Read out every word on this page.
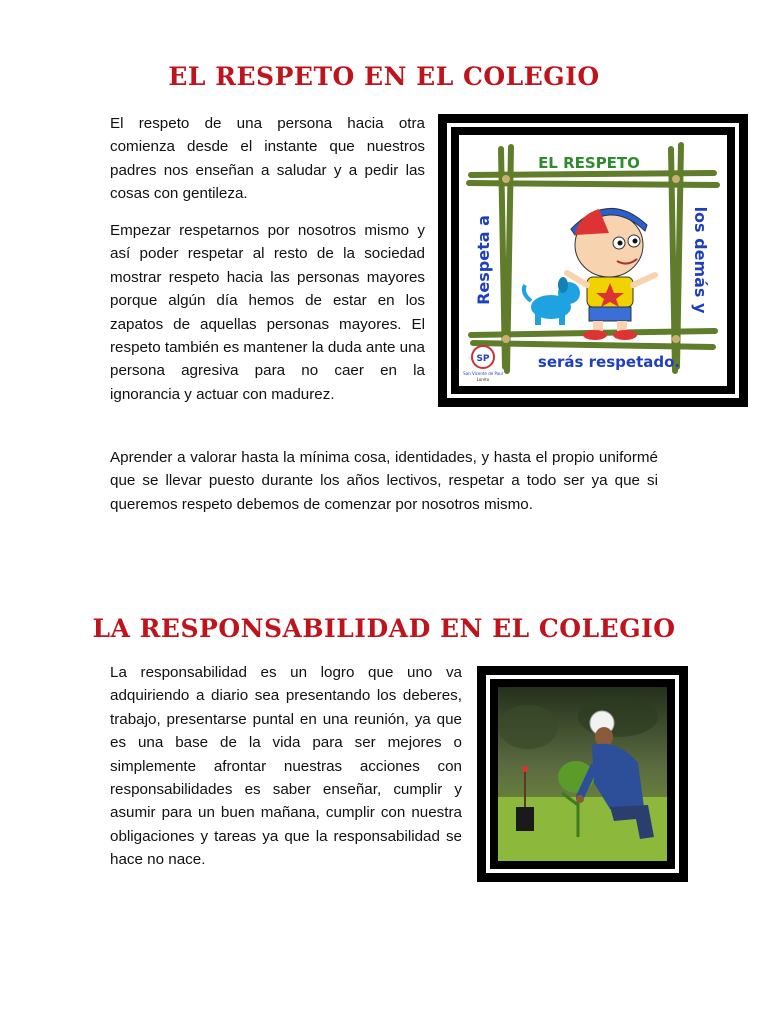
EL RESPETO EN EL COLEGIO

El respeto de una persona hacia otra comienza desde el instante que nuestros padres nos enseñan a saludar y a pedir las cosas con gentileza.

Empezar respetarnos por nosotros mismo y así poder respetar al resto de la sociedad mostrar respeto hacia las personas mayores porque algún día hemos de estar en los zapatos de aquellas personas mayores. El respeto también es mantener la duda ante una persona agresiva para no caer en la ignorancia y actuar con madurez.

Aprender a valorar hasta la mínima cosa, identidades, y hasta el propio uniformé que se llevar puesto durante los años lectivos, respetar a todo ser ya que si queremos respeto debemos de comenzar por nosotros mismo.

EL RESPETO
Respeta a	los demás y
serás respetado.
SP
San Vicente de Paul
Loreto
LA RESPONSABILIDAD EN EL COLEGIO

La responsabilidad es un logro que uno va adquiriendo a diario sea presentando los deberes, trabajo, presentarse puntal en una reunión, ya que es una base de la vida para ser mejores o simplemente afrontar nuestras acciones con responsabilidades es saber enseñar, cumplir y asumir para un buen mañana, cumplir con nuestra obligaciones y tareas ya que la responsabilidad se hace no nace.
